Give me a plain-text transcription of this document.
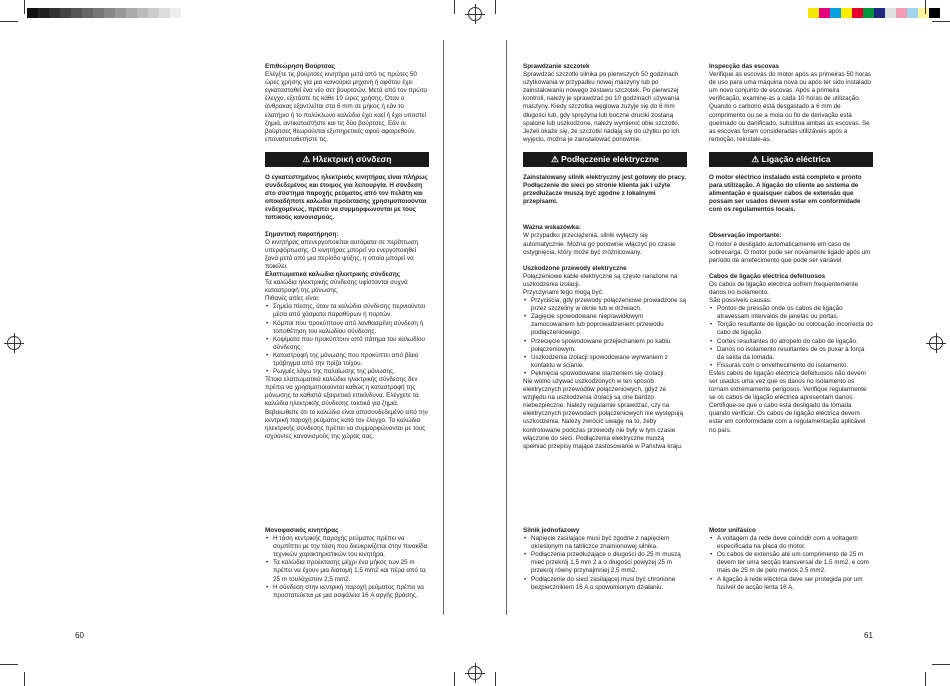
Επιθεώρηση Βούρτσας

Ελέγξτε τις βούρτσες κινητήρα μετά από τις πρώτες 50 ώρες χρήσης για μια καινούρια μηχανή ή αφότου έχει εγκατασταθεί ένα νέο σετ βουρτσών. Μετά από τον πρώτο έλεγχο, εξετάστε τις κάθε 10 ώρες χρήσης. Όταν ο άνθρακας εξαντλείται στα 6 mm σε μήκος ή εάν το ελατήριο ή το πολύκλωνο καλώδιο έχει καεί ή έχει υποστεί ζημιά, αντικαταστήστε και τις δύο βούρτσες. Εάν οι βούρτσες θεωρούνται εξυπηρετικές αφού αφαιρεθούν, επανατοποθετήστε τις.

⚠ Ηλεκτρική σύνδεση

Ο εγκατεστημένος ηλεκτρικός κινητήρας είναι πλήρως συνδεδεμένος και έτοιμος για λειτουργία. Η σύνδεση στο σύστημα παροχής ρεύματος από τον πελάτη και οποιαδήποτε καλώδια προέκτασης χρησιμοποιούνται ενδεχομένως, πρέπει να συμμορφώνονται με τους τοπικούς κανονισμούς.

Σημαντική παρατήρηση:

Ο κινητήρας απενεργοποιείται αυτόματα σε περίπτωση υπερφόρτωσης. Ο κινητήρας μπορεί να ενεργοποιηθεί ξανά μετά από μια περίοδο ψύξης, η οποία μπορεί να ποικίλει.

Ελαττωματικά καλώδια ηλεκτρικής σύνδεσης

Τα καλώδια ηλεκτρικής σύνδεσης υφίστανται συχνά καταστροφή της μόνωσης.

Πιθανές αιτίες είναι:

• Σημεία πίεσης, όταν τα καλώδια σύνδεσης περνιούνται μέσα από χάσματα παραθύρων ή πορτών.
• Κόμποι που προκύπτουν από λανθασμένη σύνδεση ή τοποθέτηση του καλωδίου σύνδεσης.
• Κοψίματα που προκύπτουν από πάτημα του καλωδίου σύνδεσης.
• Καταστροφή της μόνωσης που προκύπτει από βίαιο τράβηγμα από την πρίζα τοίχου.
• Ρωγμές λόγω της παλαίωσης της μόνωσης.

Τέτοια ελαττωματικά καλώδια ηλεκτρικής σύνδεσης δεν πρέπει να χρησιμοποιούνται καθώς η καταστροφή της μόνωσης τα καθιστά εξαιρετικά επικίνδυνα. Ελέγχετε τα καλώδια ηλεκτρικής σύνδεσης τακτικά για ζημιά. Βεβαιωθείτε ότι το καλώδιο είναι αποσυνδεδεμένο από την κεντρική παροχή ρεύματος κατά τον έλεγχο. Τα καλώδια ηλεκτρικής σύνδεσης πρέπει να συμμορφώνονται με τους ισχύοντες κανονισμούς της χώρας σας.

Μονοφασικός κινητήρας

• Η τάση κεντρικής παροχής ρεύματος πρέπει να συμπίπτει με την τάση που διευκρινίζεται στην πινακίδα τεχνικών χαρακτηριστικών του κινητήρα.
• Τα καλώδια προέκτασης μέχρι ένα μήκος των 25 m πρέπει να έχουν μια διατομή 1,5 mm2 και πέρα από τα 25 m τουλάχιστον 2,5 mm2.
• Η σύνδεση στην κεντρική παροχή ρεύματος πρέπει να προστατεύεται με μια ασφάλεια 16 A αργής βράσης.

Sprawdzanie szczotek

Sprawdzać szczotki silnika po pierwszych 50 godzinach użytkowania w przypadku nowej maszyny lub po zainstalowaniu nowego zestawu szczotek. Po pierwszej kontroli, należy je sprawdzać po 10 godzinach używania maszyny. Kiedy szczotka węglowa zużyje się do 6 mm długości lub, gdy sprężyna lub boczne druciki zostaną spalone lub uszkodzone, należy wymienić obie szczotki. Jeżeli okaże się, że szczotki nadają się do użytku po ich wyjęciu, można je zainstalować ponownie.

⚠ Podłączenie elektryczne

Zainstalowany silnik elektryczny jest gotowy do pracy. Podłączenie do sieci po stronie klienta jak i użyte przedłużacze muszą być zgodne z lokalnymi przepisami.

Ważna wskazówka:

W przypadku przeciążenia, silnik wyłączy się automatycznie. Można go ponownie włączyć po czasie ostygnięcia, który może być zróżnicowany.

Uszkodzone przewody elektryczne

Połączeniowe kable elektryczne są często narażone na uszkodzenia izolacji.

Przyczynami tego mogą być:

• Przyciścia, gdy przewody połączeniowe prowadzone są przez szczeliny w oknie lub w drzwiach.
• Zagięcie spowodowane nieprawidłowym zamocowaniem lub poprowadzeniem przewodu podłączeniowego.
• Przecięcie spowodowane przejechaniem po kablu połączeniowym.
• Uszkodzenia izolacji spowodowane wyrwaniem z kontaktu w ścianie.
• Pęknięcia spowodowane starzeniem się izolacji.

Nie wolno używać uszkodzonych w ten sposób elektrycznych przewodów połączeniowych, gdyż ze względu na uszkodzenia izolacji są one bardzo niebezpieczne. Należy regularnie sprawdzać, czy na elektrycznych przewodach połączeniowych nie występują uszkodzenia. Należy zwrócić uwagę na to, żeby kontrolowane podczas przewody nie były w tym czasie włączone do sieci. Podłączenia elektryczne muszą spełniać przepisy mające zastosowanie w Państwa kraju.

Silnik jednofazowy

• Napięcie zasilające musi być zgodne z napięciem określonym na tabliczce znamionowej silnika.
• Podłączenia przedłużające o długości do 25 m muszą mieć przekrój 1,5 mm 2 a o długości powyżej 25 m przekrój równy przynajmniej 2,5 mm2.
• Podłączenie do sieci zasilającej musi być chronione bezpiecznikiem 16 A o spowolnionym działaniu.

Inspecção das escovas

Verifique as escovas do motor após as primeiras 50 horas de uso para uma máquina nova ou após ter sido instalado um novo conjunto de escovas. Após a primeira verificação, examine-as a cada 10 horas de utilização. Quando o carbono está desgastado a 6 mm de comprimento ou se a mola ou fio de derivação está queimado ou danificado, substitua ambas as escovas. Se as escovas foram consideradas utilizáveis após a remoção, reinstale-as.

⚠ Ligação eléctrica

O motor eléctrico instalado está completo e pronto para utilização. A ligação do cliente ao sistema de alimentação e quaisquer cabos de extensão que possam ser usados devem estar em conformidade com os regulamentos locais.

Observação importante:

O motor é desligado automaticamente em caso de sobrecarga. O motor pode ser novamente ligado após um período de arrefecimento que pode ser variável.

Cabos de ligação eléctrica defeituosos

Os cabos de ligação eléctrica sofrem frequentemente danos no isolamento.

São possíveis causas:

• Pontos de pressão onde os cabos de ligação atravessam intervalos de janelas ou portas.
• Torção resultante de ligação ou colocação incorrecta do cabo de ligação.
• Cortes resultantes do atropelo do cabo de ligação.
• Danos no isolamento resultantes de os puxar à força da saída da tomada.
• Fissuras com o envelhecimento do isolamento.

Estes cabos de ligação eléctrica defeituosos não devem ser usados uma vez que os danos no isolamento os tornam extremamente perigosos. Verifique regularmente se os cabos de ligação eléctrica apresentam danos. Certifique-se que o cabo está desligado da tomada quando verificar. Os cabos de ligação eléctrica devem estar em conformidade com a regulamentação aplicável no país.

Motor unifásico

• A voltagem da rede deve coincidir com a voltagem especificada na placa do motor.
• Os cabos de extensão até um comprimento de 25 m devem ter uma secção transversal de 1.5 mm2, e com mais de 25 m de pelo menos 2.5 mm2.
• A ligação à rede eléctrica deve ser protegida por um fusível de acção lenta 16 A.
60	61
